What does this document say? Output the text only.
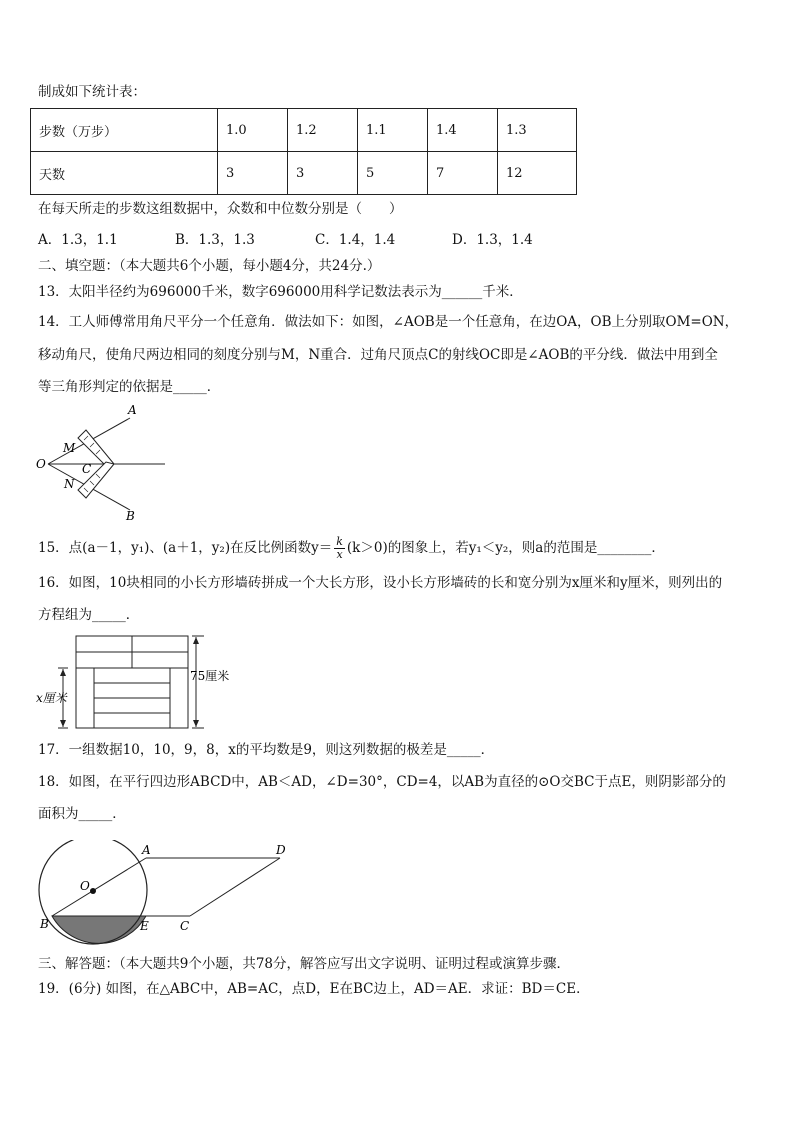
制成如下统计表：
步数（万步）	1.0	1.2	1.1	1.4	1.3
天数	3	3	5	7	12
在每天所走的步数这组数据中，众数和中位数分别是（　　）
A．1.3，1.1	B．1.3，1.3	C．1.4，1.4	D．1.3，1.4
二、填空题：（本大题共6个小题，每小题4分，共24分.）
13．太阳半径约为696000千米，数字696000用科学记数法表示为______千米．
14．工人师傅常用角尺平分一个任意角．做法如下：如图，∠AOB是一个任意角，在边OA，OB上分别取OM=ON，
移动角尺，使角尺两边相同的刻度分别与M，N重合．过角尺顶点C的射线OC即是∠AOB的平分线．做法中用到全
等三角形判定的依据是_____．
A
B
O
M
N
C
15．点(a－1，y₁)、(a＋1，y₂)在反比例函数$y= \frac{k}{x} (k>0)$的图象上，若y₁＜y₂，则a的范围是________．
16．如图，10块相同的小长方形墙砖拼成一个大长方形，设小长方形墙砖的长和宽分别为x厘米和y厘米，则列出的
方程组为_____．
75厘米
x厘米
17．一组数据10，10，9，8，x的平均数是9，则这列数据的极差是_____．
18．如图，在平行四边形ABCD中，AB＜AD，∠D=30°，CD=4，以AB为直径的⊙O交BC于点E，则阴影部分的
面积为_____．
A
B	C
D
E
O
三、解答题：（本大题共9个小题，共78分，解答应写出文字说明、证明过程或演算步骤．
19．(6分) 如图，在△ABC中，AB=AC，点D，E在BC边上，AD＝AE．求证：BD＝CE．
